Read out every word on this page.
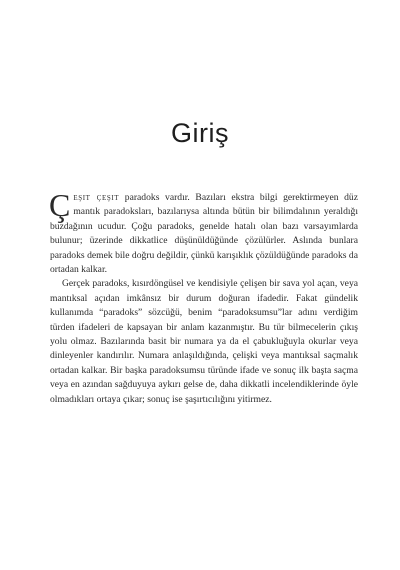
Giriş

Çeşit çeşit paradoks vardır. Bazıları ekstra bilgi gerektirmeyen düz mantık paradoksları, bazılarıysa altında bütün bir bilimdalının yeraldığı buzdağının ucudur. Çoğu paradoks, genelde hatalı olan bazı varsayımlarda bulunur; üzerinde dikkatlice düşünüldüğünde çözülürler. Aslında bunlara paradoks demek bile doğru değildir, çünkü karışıklık çözüldüğünde paradoks da ortadan kalkar.

Gerçek paradoks, kısırdöngüsel ve kendisiyle çelişen bir sava yol açan, veya mantıksal açıdan imkânsız bir durum doğuran ifadedir. Fakat gündelik kullanımda “paradoks” sözcüğü, benim “paradoksumsu”lar adını verdiğim türden ifadeleri de kapsayan bir anlam kazanmıştır. Bu tür bilmecelerin çıkış yolu olmaz. Bazılarında basit bir numara ya da el çabukluğuyla okurlar veya dinleyenler kandırılır. Numara anlaşıldığında, çelişki veya mantıksal saçmalık ortadan kalkar. Bir başka paradoksumsu türünde ifade ve sonuç ilk başta saçma veya en azından sağduyuya aykırı gelse de, daha dikkatli incelendiklerinde öyle olmadıkları ortaya çıkar; sonuç ise şaşırtıcılığını yitirmez.
